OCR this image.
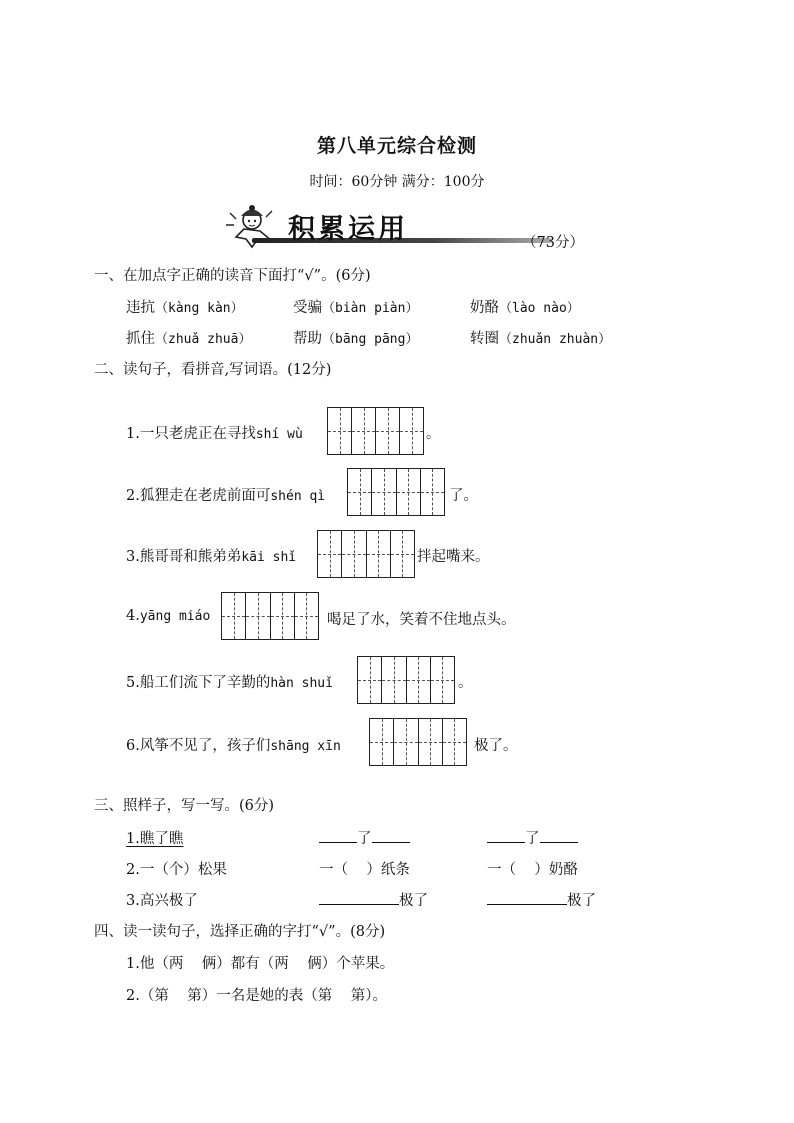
第八单元综合检测
时间：60分钟 满分：100分
积累运用	（73分）
一、在加点字正确的读音下面打“√”。(6分)
违抗（kàng kàn）	受骗（biàn piàn）	奶酪（lào nào）
抓住（zhuǎ zhuā）	帮助（bāng pāng）	转圈（zhuǎn zhuàn）
二、读句子，看拼音,写词语。(12分)
1.一只老虎正在寻找shí wù	。
2.狐狸走在老虎前面可shén qì	了。
3.熊哥哥和熊弟弟kāi shǐ	拌起嘴来。
4.yāng miáo	喝足了水，笑着不住地点头。
5.船工们流下了辛勤的hàn shuǐ	。
6.风筝不见了，孩子们shāng xīn	极了。
三、照样子，写一写。(6分)
1.瞧了瞧	了	了
2.一（个）松果	一（    ）纸条	一（    ）奶酪
3.高兴极了	极了	极了
四、读一读句子，选择正确的字打“√”。(8分)
1.他（两    俩）都有（两    俩）个苹果。
2.（第    第）一名是她的表（第    第）。
